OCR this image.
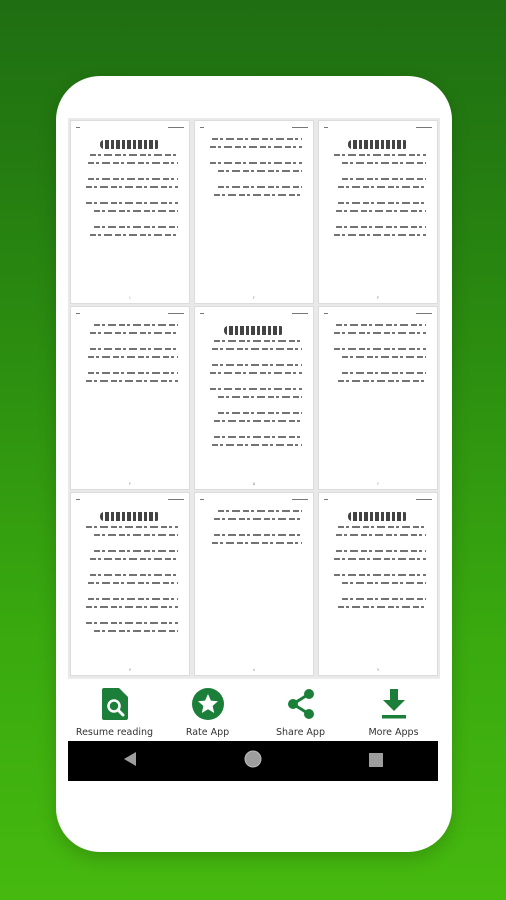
۱	۲	۳
۴	۵	۶
۷	۸	۹
Resume reading	Rate App	Share App	More Apps
